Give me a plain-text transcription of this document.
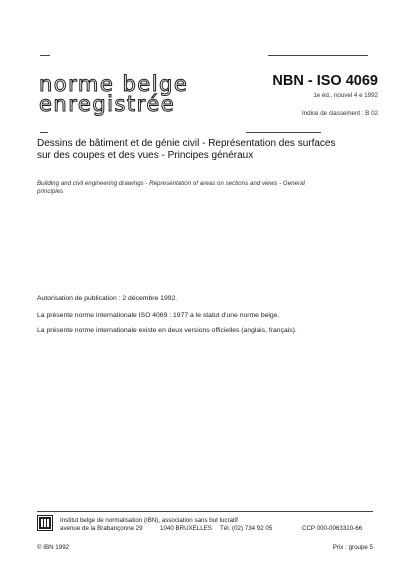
norme belge
enregistrée
NBN - ISO 4069
1e éd., nouvel 4 e 1992
Indice de classement : B 02
Dessins de bâtiment et de génie civil - Représentation des surfaces
sur des coupes et des vues - Principes généraux
Building and civil engineering drawings - Representation of areas on sections and views - General
principles
Autorisation de publication : 2 décembre 1992.
La présente norme internationale ISO 4069 : 1977 a le statut d'une norme belge.
La présente norme internationale existe en deux versions officielles (anglais, français).
Institut belge de normalisation (IBN), association sans but lucratif
avenue de la Brabançonne 29	1040 BRUXELLES Tél. (02) 734 92 05	CCP 000-0063310-66
© IBN 1992	Prix : groupe 5
